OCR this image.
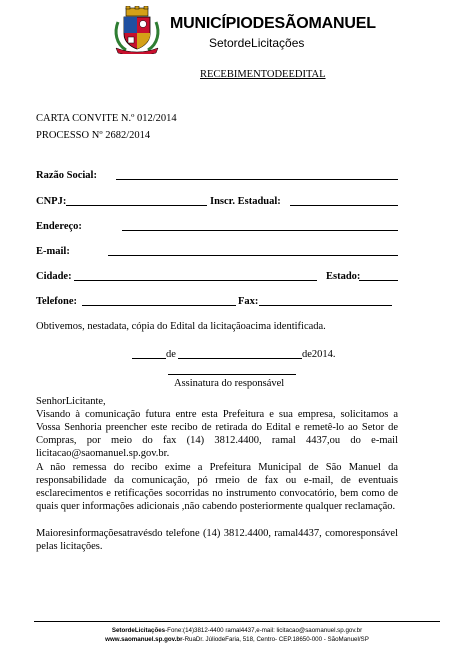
MUNICÍPIODESÃOMANUEL
SetordeLicitações
RECEBIMENTODEEDITAL
CARTA CONVITE N.º 012/2014
PROCESSO Nº 2682/2014
Razão Social:
CNPJ:	Inscr. Estadual:
Endereço:
E-mail:
Cidade:	Estado:
Telefone:	Fax:
Obtivemos, nestadata, cópia do Edital da licitaçãoacima identificada.
de	de2014.
Assinatura do responsável
SenhorLicitante,
Visando à comunicação futura entre esta Prefeitura e sua empresa, solicitamos a Vossa Senhoria preencher este recibo de retirada do Edital e remetê-lo ao Setor de Compras, por meio do fax (14) 3812.4400, ramal 4437,ou do e-mail licitacao@saomanuel.sp.gov.br.
A não remessa do recibo exime a Prefeitura Municipal de São Manuel da responsabilidade da comunicação, pó rmeio de fax ou e-mail, de eventuais esclarecimentos e retificações socorridas no instrumento convocatório, bem como de quais quer informações adicionais ,não cabendo posteriormente qualquer reclamação.
Maioresinformaçõesatravésdo telefone (14) 3812.4400, ramal4437, comoresponsável pelas licitações.
SetordeLicitações-Fone:(14)3812-4400 ramal4437,e-mail: licitacao@saomanuel.sp.gov.br
www.saomanuel.sp.gov.br-RuaDr. JúliodeFaria, 518, Centro- CEP.18650-000 - SãoManuel/SP
